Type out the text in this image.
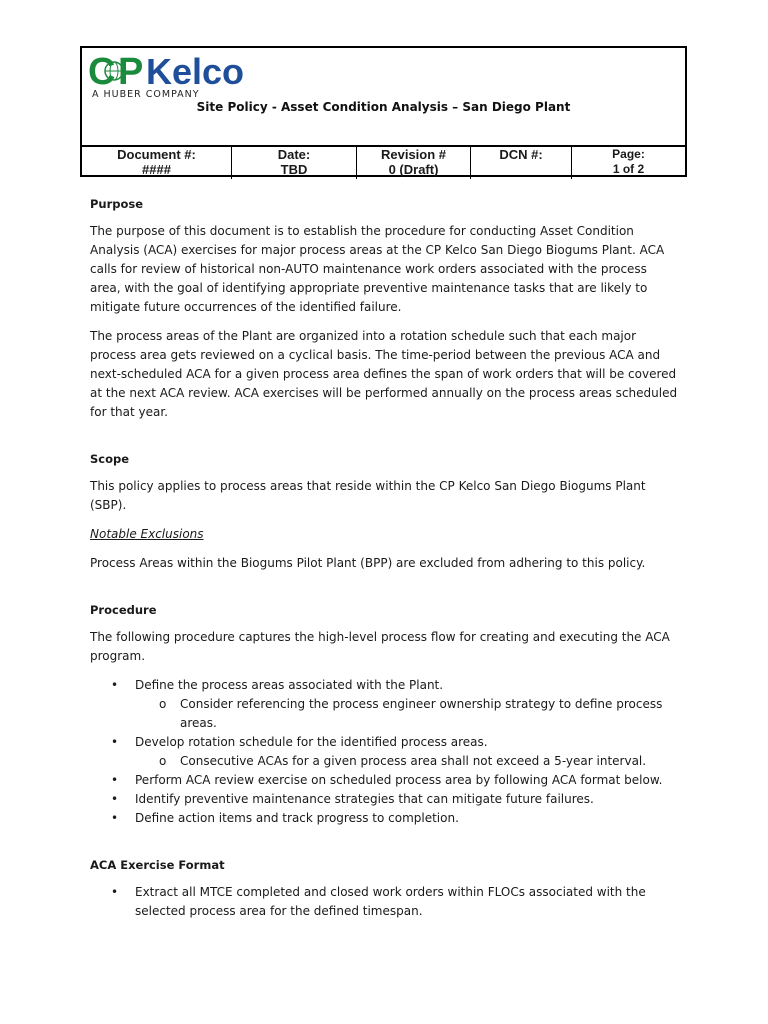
C P Kelco
A HUBER COMPANY
Site Policy - Asset Condition Analysis – San Diego Plant
Document #:
####
Date:
TBD
Revision #
0 (Draft)
DCN #:	Page:
1 of 2
Purpose

The purpose of this document is to establish the procedure for conducting Asset Condition Analysis (ACA) exercises for major process areas at the CP Kelco San Diego Biogums Plant. ACA calls for review of historical non-AUTO maintenance work orders associated with the process area, with the goal of identifying appropriate preventive maintenance tasks that are likely to mitigate future occurrences of the identified failure.

The process areas of the Plant are organized into a rotation schedule such that each major process area gets reviewed on a cyclical basis. The time-period between the previous ACA and next-scheduled ACA for a given process area defines the span of work orders that will be covered at the next ACA review. ACA exercises will be performed annually on the process areas scheduled for that year.

Scope

This policy applies to process areas that reside within the CP Kelco San Diego Biogums Plant (SBP).

Notable Exclusions

Process Areas within the Biogums Pilot Plant (BPP) are excluded from adhering to this policy.

Procedure

The following procedure captures the high-level process flow for creating and executing the ACA program.

• Define the process areas associated with the Plant.
o Consider referencing the process engineer ownership strategy to define process areas.
• Develop rotation schedule for the identified process areas.
o Consecutive ACAs for a given process area shall not exceed a 5-year interval.
• Perform ACA review exercise on scheduled process area by following ACA format below.
• Identify preventive maintenance strategies that can mitigate future failures.
• Define action items and track progress to completion.
ACA Exercise Format
• Extract all MTCE completed and closed work orders within FLOCs associated with the selected process area for the defined timespan.
